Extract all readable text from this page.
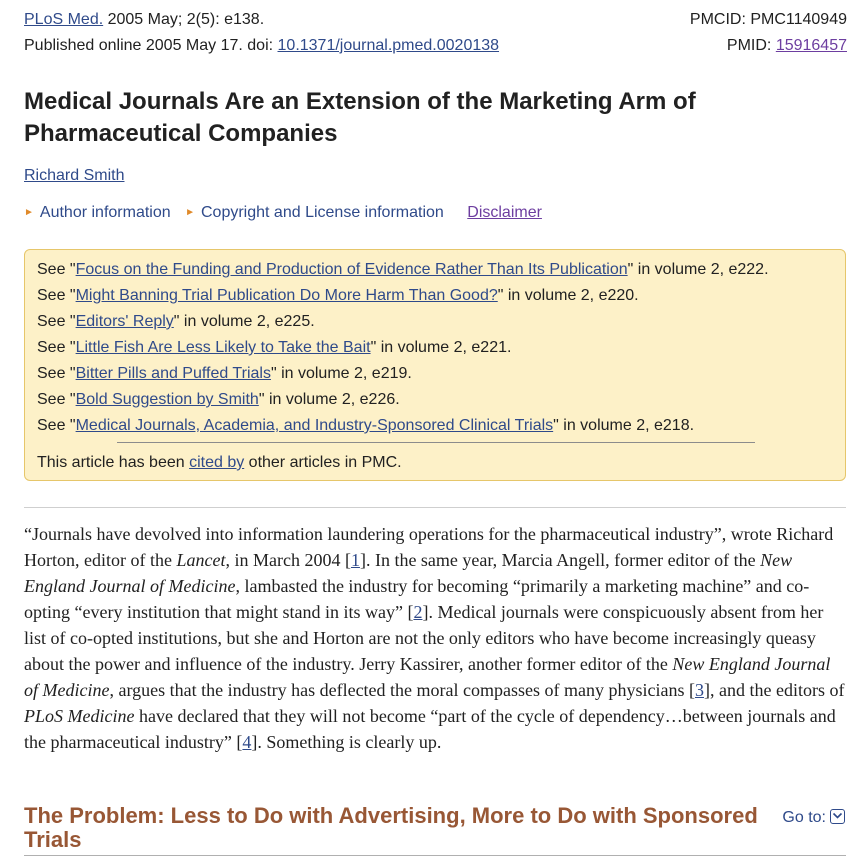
PLoS Med. 2005 May; 2(5): e138.	PMCID: PMC1140949
Published online 2005 May 17. doi: 10.1371/journal.pmed.0020138	PMID: 15916457
Medical Journals Are an Extension of the Marketing Arm of Pharmaceutical Companies
Richard Smith
► Author information ► Copyright and License information Disclaimer
See "Focus on the Funding and Production of Evidence Rather Than Its Publication" in volume 2, e222.
See "Might Banning Trial Publication Do More Harm Than Good?" in volume 2, e220.
See "Editors' Reply" in volume 2, e225.
See "Little Fish Are Less Likely to Take the Bait" in volume 2, e221.
See "Bitter Pills and Puffed Trials" in volume 2, e219.
See "Bold Suggestion by Smith" in volume 2, e226.
See "Medical Journals, Academia, and Industry-Sponsored Clinical Trials" in volume 2, e218.
This article has been cited by other articles in PMC.

“Journals have devolved into information laundering operations for the pharmaceutical industry”, wrote Richard Horton, editor of the Lancet, in March 2004 [1]. In the same year, Marcia Angell, former editor of the New England Journal of Medicine, lambasted the industry for becoming “primarily a marketing machine” and co-opting “every institution that might stand in its way” [2]. Medical journals were conspicuously absent from her list of co-opted institutions, but she and Horton are not the only editors who have become increasingly queasy about the power and influence of the industry. Jerry Kassirer, another former editor of the New England Journal of Medicine, argues that the industry has deflected the moral compasses of many physicians [3], and the editors of PLoS Medicine have declared that they will not become “part of the cycle of dependency…between journals and the pharmaceutical industry” [4]. Something is clearly up.

The Problem: Less to Do with Advertising, More to Do with Sponsored Trials
Go to:
